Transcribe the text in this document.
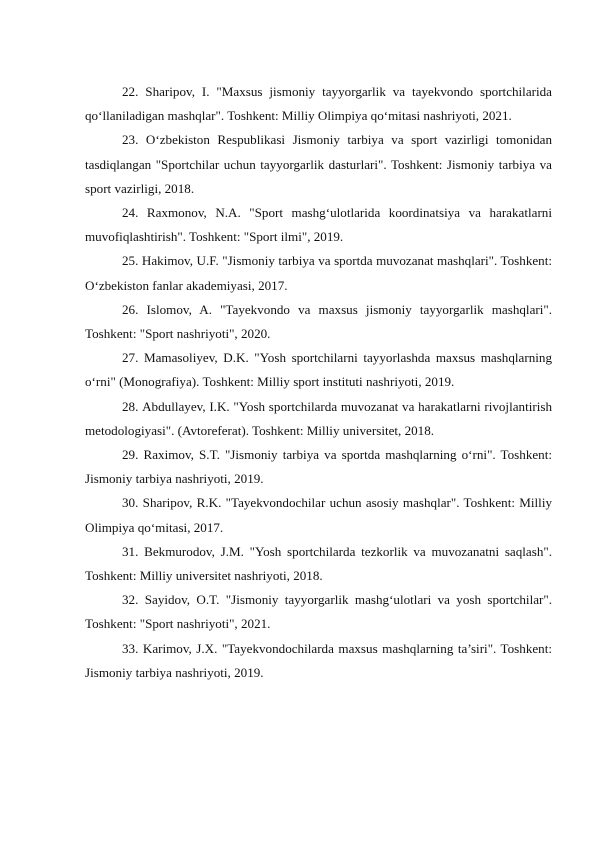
22. Sharipov, I. "Maxsus jismoniy tayyorgarlik va tayekvondo sportchilarida qo‘llaniladigan mashqlar". Toshkent: Milliy Olimpiya qo‘mitasi nashriyoti, 2021.

23. O‘zbekiston Respublikasi Jismoniy tarbiya va sport vazirligi tomonidan tasdiqlangan "Sportchilar uchun tayyorgarlik dasturlari". Toshkent: Jismoniy tarbiya va sport vazirligi, 2018.

24. Raxmonov, N.A. "Sport mashg‘ulotlarida koordinatsiya va harakatlarni muvofiqlashtirish". Toshkent: "Sport ilmi", 2019.

25. Hakimov, U.F. "Jismoniy tarbiya va sportda muvozanat mashqlari". Toshkent: O‘zbekiston fanlar akademiyasi, 2017.

26. Islomov, A. "Tayekvondo va maxsus jismoniy tayyorgarlik mashqlari". Toshkent: "Sport nashriyoti", 2020.

27. Mamasoliyev, D.K. "Yosh sportchilarni tayyorlashda maxsus mashqlarning o‘rni" (Monografiya). Toshkent: Milliy sport instituti nashriyoti, 2019.

28. Abdullayev, I.K. "Yosh sportchilarda muvozanat va harakatlarni rivojlantirish metodologiyasi". (Avtoreferat). Toshkent: Milliy universitet, 2018.

29. Raximov, S.T. "Jismoniy tarbiya va sportda mashqlarning o‘rni". Toshkent: Jismoniy tarbiya nashriyoti, 2019.

30. Sharipov, R.K. "Tayekvondochilar uchun asosiy mashqlar". Toshkent: Milliy Olimpiya qo‘mitasi, 2017.

31. Bekmurodov, J.M. "Yosh sportchilarda tezkorlik va muvozanatni saqlash". Toshkent: Milliy universitet nashriyoti, 2018.

32. Sayidov, O.T. "Jismoniy tayyorgarlik mashg‘ulotlari va yosh sportchilar". Toshkent: "Sport nashriyoti", 2021.

33. Karimov, J.X. "Tayekvondochilarda maxsus mashqlarning ta’siri". Toshkent: Jismoniy tarbiya nashriyoti, 2019.
